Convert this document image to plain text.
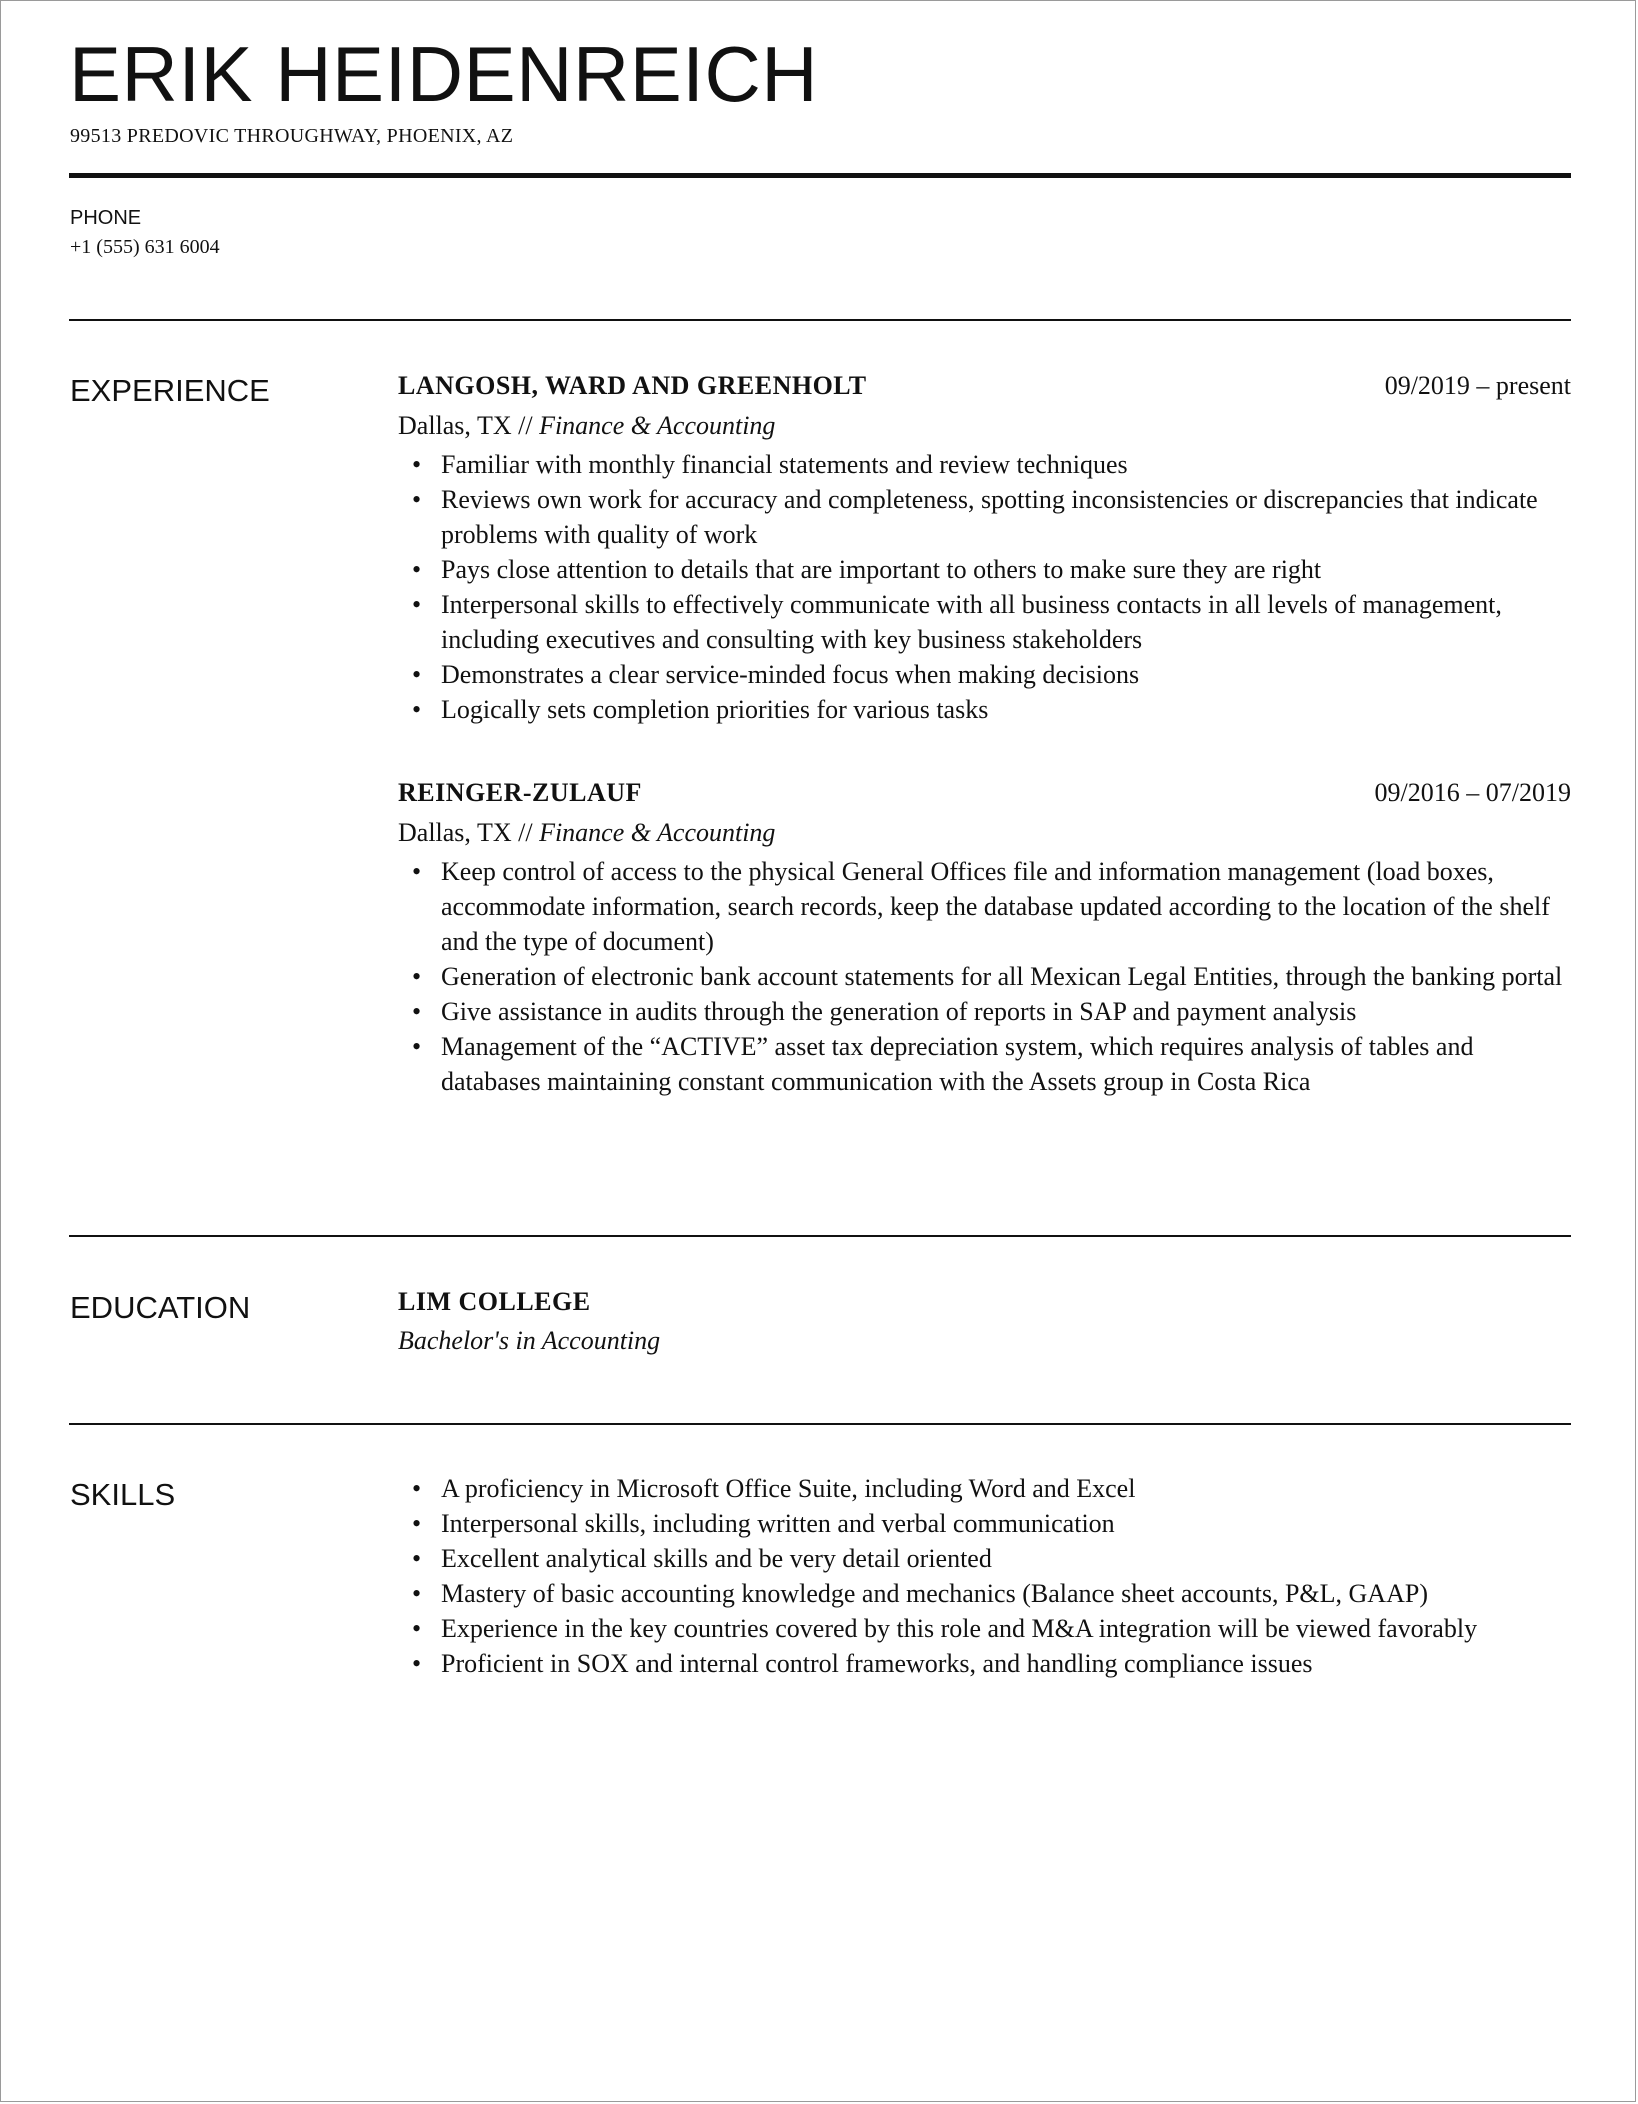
ERIK HEIDENREICH
99513 PREDOVIC THROUGHWAY, PHOENIX, AZ
PHONE
+1 (555) 631 6004
EXPERIENCE	LANGOSH, WARD AND GREENHOLT	09/2019 – present
Dallas, TX // Finance & Accounting
• Familiar with monthly financial statements and review techniques
• Reviews own work for accuracy and completeness, spotting inconsistencies or discrepancies that indicate problems with quality of work
• Pays close attention to details that are important to others to make sure they are right
• Interpersonal skills to effectively communicate with all business contacts in all levels of management, including executives and consulting with key business stakeholders
• Demonstrates a clear service-minded focus when making decisions
• Logically sets completion priorities for various tasks
REINGER-ZULAUF	09/2016 – 07/2019
Dallas, TX // Finance & Accounting
• Keep control of access to the physical General Offices file and information management (load boxes, accommodate information, search records, keep the database updated according to the location of the shelf and the type of document)
• Generation of electronic bank account statements for all Mexican Legal Entities, through the banking portal
• Give assistance in audits through the generation of reports in SAP and payment analysis
• Management of the “ACTIVE” asset tax depreciation system, which requires analysis of tables and databases maintaining constant communication with the Assets group in Costa Rica
EDUCATION	LIM COLLEGE
Bachelor's in Accounting
SKILLS
•	A proficiency in Microsoft Office Suite, including Word and Excel
• Interpersonal skills, including written and verbal communication
• Excellent analytical skills and be very detail oriented
• Mastery of basic accounting knowledge and mechanics (Balance sheet accounts, P&L, GAAP)
• Experience in the key countries covered by this role and M&A integration will be viewed favorably
• Proficient in SOX and internal control frameworks, and handling compliance issues
